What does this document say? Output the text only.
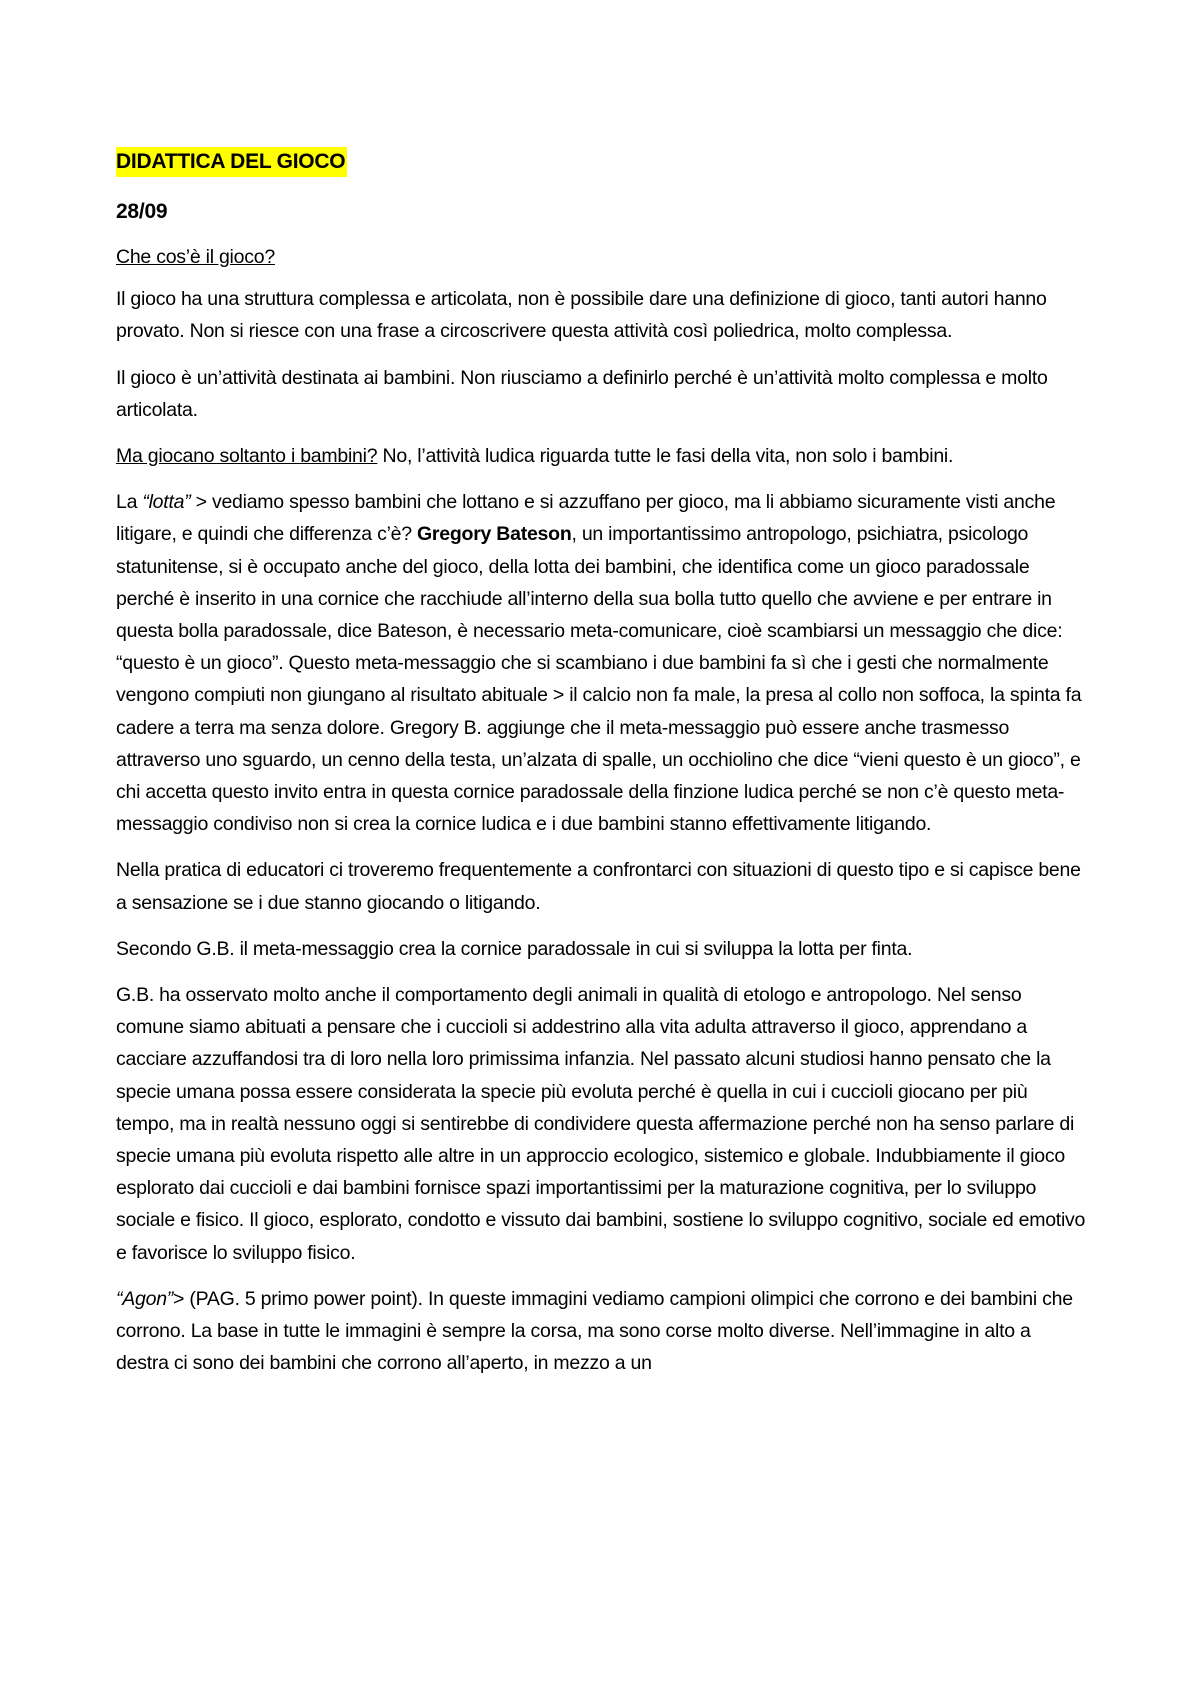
DIDATTICA DEL GIOCO
28/09
Che cos’è il gioco?

Il gioco ha una struttura complessa e articolata, non è possibile dare una definizione di gioco, tanti autori hanno provato. Non si riesce con una frase a circoscrivere questa attività così poliedrica, molto complessa.

Il gioco è un’attività destinata ai bambini. Non riusciamo a definirlo perché è un’attività molto complessa e molto articolata.

Ma giocano soltanto i bambini? No, l’attività ludica riguarda tutte le fasi della vita, non solo i bambini.

La “lotta” > vediamo spesso bambini che lottano e si azzuffano per gioco, ma li abbiamo sicuramente visti anche litigare, e quindi che differenza c’è? Gregory Bateson, un importantissimo antropologo, psichiatra, psicologo statunitense, si è occupato anche del gioco, della lotta dei bambini, che identifica come un gioco paradossale perché è inserito in una cornice che racchiude all’interno della sua bolla tutto quello che avviene e per entrare in questa bolla paradossale, dice Bateson, è necessario meta-comunicare, cioè scambiarsi un messaggio che dice: “questo è un gioco”. Questo meta-messaggio che si scambiano i due bambini fa sì che i gesti che normalmente vengono compiuti non giungano al risultato abituale > il calcio non fa male, la presa al collo non soffoca, la spinta fa cadere a terra ma senza dolore. Gregory B. aggiunge che il meta-messaggio può essere anche trasmesso attraverso uno sguardo, un cenno della testa, un’alzata di spalle, un occhiolino che dice “vieni questo è un gioco”, e chi accetta questo invito entra in questa cornice paradossale della finzione ludica perché se non c’è questo meta-messaggio condiviso non si crea la cornice ludica e i due bambini stanno effettivamente litigando.

Nella pratica di educatori ci troveremo frequentemente a confrontarci con situazioni di questo tipo e si capisce bene a sensazione se i due stanno giocando o litigando.

Secondo G.B. il meta-messaggio crea la cornice paradossale in cui si sviluppa la lotta per finta.

G.B. ha osservato molto anche il comportamento degli animali in qualità di etologo e antropologo. Nel senso comune siamo abituati a pensare che i cuccioli si addestrino alla vita adulta attraverso il gioco, apprendano a cacciare azzuffandosi tra di loro nella loro primissima infanzia. Nel passato alcuni studiosi hanno pensato che la specie umana possa essere considerata la specie più evoluta perché è quella in cui i cuccioli giocano per più tempo, ma in realtà nessuno oggi si sentirebbe di condividere questa affermazione perché non ha senso parlare di specie umana più evoluta rispetto alle altre in un approccio ecologico, sistemico e globale. Indubbiamente il gioco esplorato dai cuccioli e dai bambini fornisce spazi importantissimi per la maturazione cognitiva, per lo sviluppo sociale e fisico. Il gioco, esplorato, condotto e vissuto dai bambini, sostiene lo sviluppo cognitivo, sociale ed emotivo e favorisce lo sviluppo fisico.

“Agon”> (PAG. 5 primo power point). In queste immagini vediamo campioni olimpici che corrono e dei bambini che corrono. La base in tutte le immagini è sempre la corsa, ma sono corse molto diverse. Nell’immagine in alto a destra ci sono dei bambini che corrono all’aperto, in mezzo a un
